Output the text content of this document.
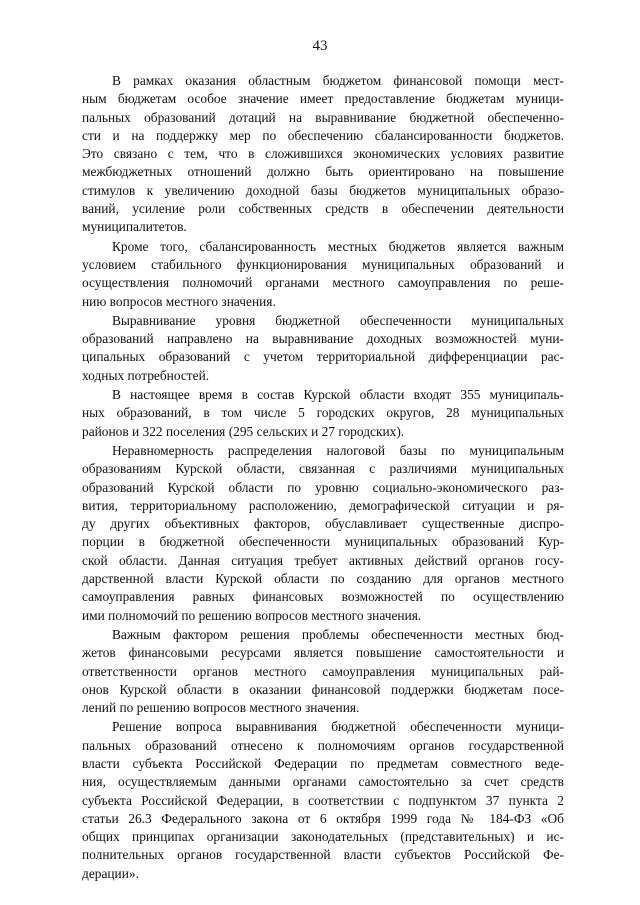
43
В рамках оказания областным бюджетом финансовой помощи мест-
ным бюджетам особое значение имеет предоставление бюджетам муници-
пальных образований дотаций на выравнивание бюджетной обеспеченно-
сти и на поддержку мер по обеспечению сбалансированности бюджетов.
Это связано с тем, что в сложившихся экономических условиях развитие
межбюджетных отношений должно быть ориентировано на повышение
стимулов к увеличению доходной базы бюджетов муниципальных образо-
ваний, усиление роли собственных средств в обеспечении деятельности
муниципалитетов.
Кроме того, сбалансированность местных бюджетов является важным
условием стабильного функционирования муниципальных образований и
осуществления полномочий органами местного самоуправления по реше-
нию вопросов местного значения.
Выравнивание уровня бюджетной обеспеченности муниципальных
образований направлено на выравнивание доходных возможностей муни-
ципальных образований с учетом территориальной дифференциации рас-
ходных потребностей.
В настоящее время в состав Курской области входят 355 муниципаль-
ных образований, в том числе 5 городских округов, 28 муниципальных
районов и 322 поселения (295 сельских и 27 городских).
Неравномерность распределения налоговой базы по муниципальным
образованиям Курской области, связанная с различиями муниципальных
образований Курской области по уровню социально-экономического раз-
вития, территориальному расположению, демографической ситуации и ря-
ду других объективных факторов, обуславливает существенные диспро-
порции в бюджетной обеспеченности муниципальных образований Кур-
ской области. Данная ситуация требует активных действий органов госу-
дарственной власти Курской области по созданию для органов местного
самоуправления равных финансовых возможностей по осуществлению
ими полномочий по решению вопросов местного значения.
Важным фактором решения проблемы обеспеченности местных бюд-
жетов финансовыми ресурсами является повышение самостоятельности и
ответственности органов местного самоуправления муниципальных рай-
онов Курской области в оказании финансовой поддержки бюджетам посе-
лений по решению вопросов местного значения.
Решение вопроса выравнивания бюджетной обеспеченности муници-
пальных образований отнесено к полномочиям органов государственной
власти субъекта Российской Федерации по предметам совместного веде-
ния, осуществляемым данными органами самостоятельно за счет средств
субъекта Российской Федерации, в соответствии с подпунктом 37 пункта 2
статьи 26.3 Федерального закона от 6 октября 1999 года № 184-ФЗ «Об
общих принципах организации законодательных (представительных) и ис-
полнительных органов государственной власти субъектов Российской Фе-
дерации».
